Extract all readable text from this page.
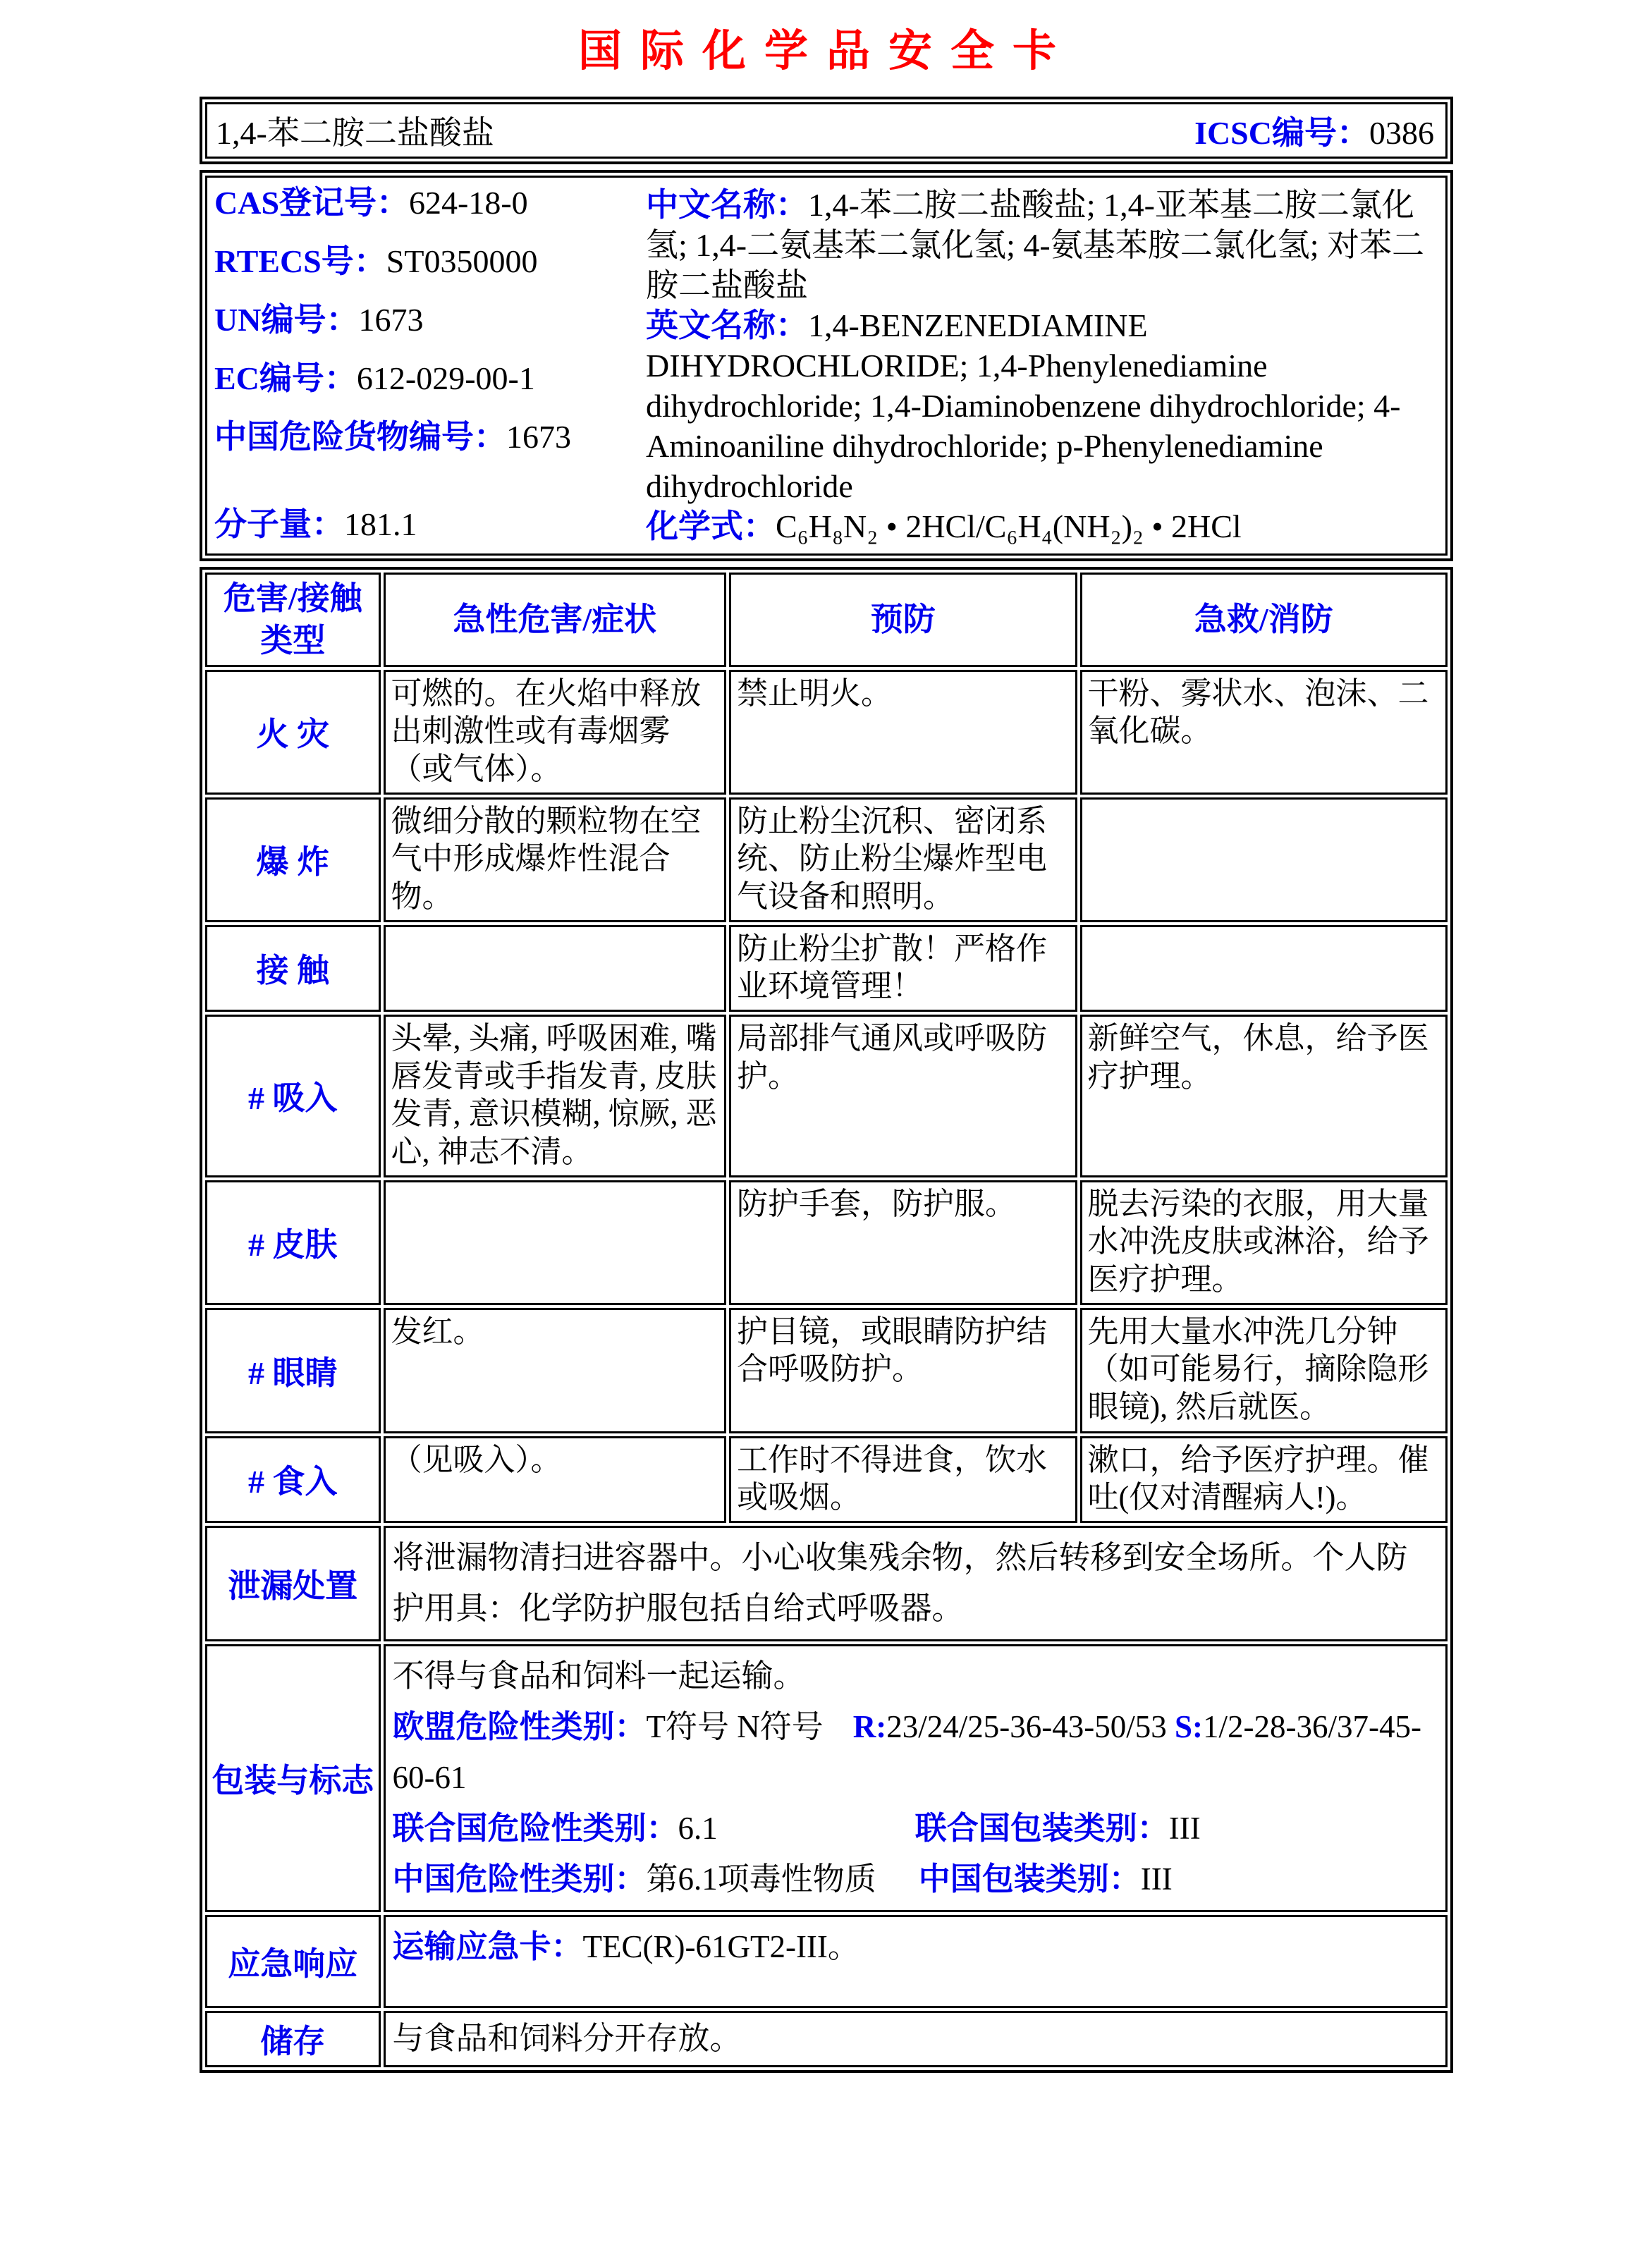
国际化学品安全卡
1,4-苯二胺二盐酸盐	ICSC编号：0386
CAS登记号：624-18-0
RTECS号：ST0350000
UN编号：1673
EC编号：612-029-00-1
中国危险货物编号：1673
分子量：181.1

中文名称：1,4-苯二胺二盐酸盐; 1,4-亚苯基二胺二氯化氢; 1,4-二氨基苯二氯化氢; 4-氨基苯胺二氯化氢; 对苯二胺二盐酸盐

英文名称：1,4-BENZENEDIAMINE DIHYDROCHLORIDE; 1,4-Phenylenediamine dihydrochloride; 1,4-Diaminobenzene dihydrochloride; 4-Aminoaniline dihydrochloride; p-Phenylenediamine dihydrochloride

化学式：C₆H₈N₂ • 2HCl/C₆H₄(NH₂)₂ • 2HCl

危害/接触类型	急性危害/症状	预防	急救/消防
火 灾	可燃的。在火焰中释放出刺激性或有毒烟雾（或气体）。	禁止明火。	干粉、雾状水、泡沫、二氧化碳。
爆 炸	微细分散的颗粒物在空气中形成爆炸性混合物。	防止粉尘沉积、密闭系统、防止粉尘爆炸型电气设备和照明。	
接 触		防止粉尘扩散！严格作业环境管理！	
# 吸入	头晕, 头痛, 呼吸困难, 嘴唇发青或手指发青, 皮肤发青, 意识模糊, 惊厥, 恶心, 神志不清。	局部排气通风或呼吸防护。	新鲜空气，休息，给予医疗护理。
# 皮肤		防护手套，防护服。	脱去污染的衣服，用大量水冲洗皮肤或淋浴，给予医疗护理。
# 眼睛	发红。	护目镜，或眼睛防护结合呼吸防护。	先用大量水冲洗几分钟（如可能易行，摘除隐形眼镜), 然后就医。
# 食入	（见吸入）。	工作时不得进食，饮水或吸烟。	漱口，给予医疗护理。催吐(仅对清醒病人!)。
泄漏处置	将泄漏物清扫进容器中。小心收集残余物，然后转移到安全场所。个人防护用具：化学防护服包括自给式呼吸器。		
包装与标志	不得与食品和饲料一起运输。
欧盟危险性类别：T符号 N符号 R:23/24/25-36-43-50/53 S:1/2-28-36/37-45-60-61
联合国危险性类别：6.1 联合国包装类别：III
中国危险性类别：第6.1项毒性物质 中国包装类别：III		

应急响应	运输应急卡：TEC(R)-61GT2-III。		
储存	与食品和饲料分开存放。		
